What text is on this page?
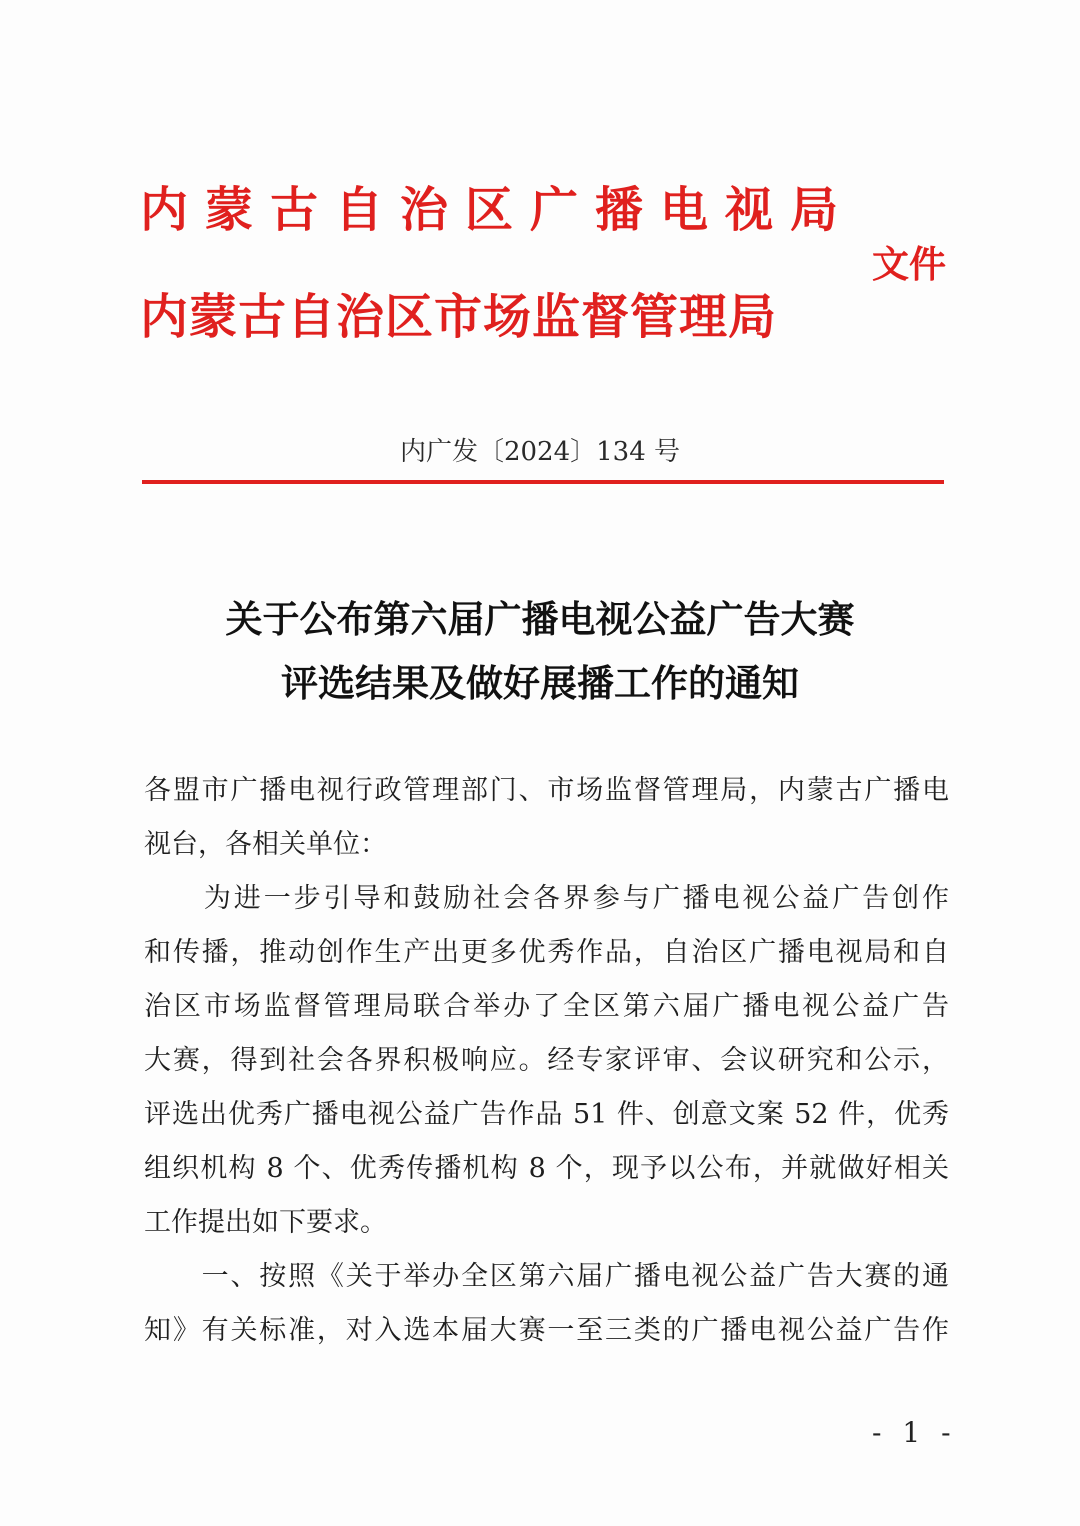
内蒙古自治区广播电视局
内蒙古自治区市场监督管理局
文件
内广发〔2024〕134 号
关于公布第六届广播电视公益广告大赛
评选结果及做好展播工作的通知
各盟市广播电视行政管理部门、市场监督管理局，内蒙古广播电
视台，各相关单位：
　　为进一步引导和鼓励社会各界参与广播电视公益广告创作
和传播，推动创作生产出更多优秀作品，自治区广播电视局和自
治区市场监督管理局联合举办了全区第六届广播电视公益广告
大赛，得到社会各界积极响应。经专家评审、会议研究和公示，
评选出优秀广播电视公益广告作品 51 件、创意文案 52 件，优秀
组织机构 8 个、优秀传播机构 8 个，现予以公布，并就做好相关
工作提出如下要求。
　　一、按照《关于举办全区第六届广播电视公益广告大赛的通
知》有关标准，对入选本届大赛一至三类的广播电视公益广告作
- 1 -
